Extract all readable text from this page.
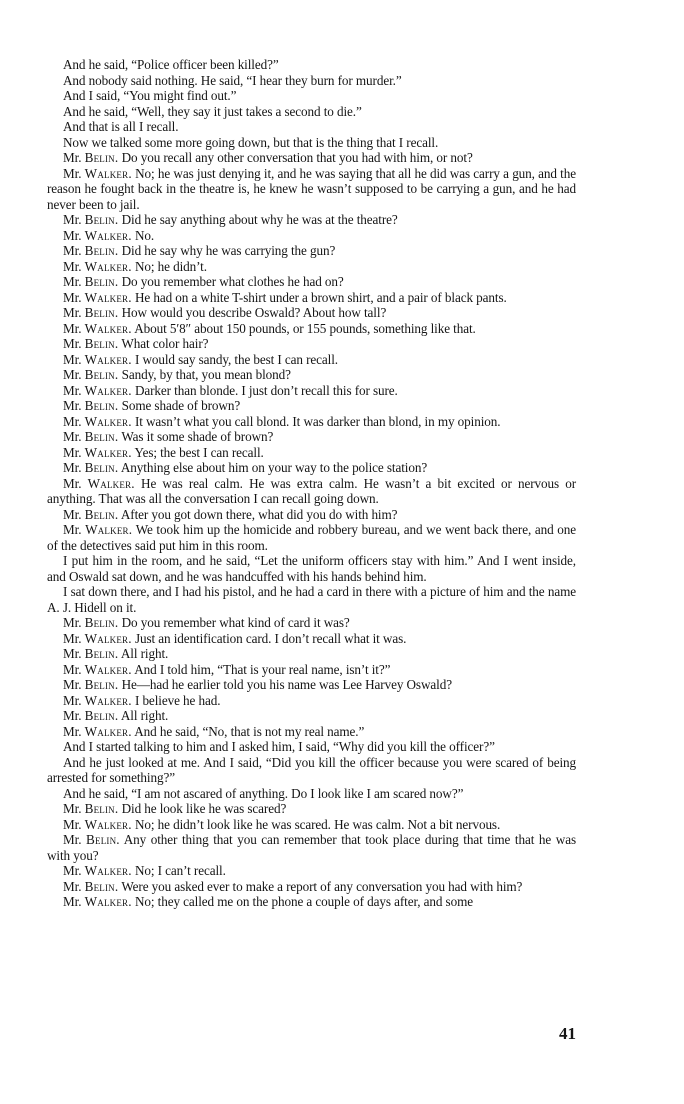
And he said, “Police officer been killed?”

And nobody said nothing. He said, “I hear they burn for murder.”

And I said, “You might find out.”

And he said, “Well, they say it just takes a second to die.”

And that is all I recall.

Now we talked some more going down, but that is the thing that I recall.

Mr. Belin. Do you recall any other conversation that you had with him, or not?

Mr. Walker. No; he was just denying it, and he was saying that all he did was carry a gun, and the reason he fought back in the theatre is, he knew he wasn’t supposed to be carrying a gun, and he had never been to jail.

Mr. Belin. Did he say anything about why he was at the theatre?

Mr. Walker. No.

Mr. Belin. Did he say why he was carrying the gun?

Mr. Walker. No; he didn’t.

Mr. Belin. Do you remember what clothes he had on?

Mr. Walker. He had on a white T-shirt under a brown shirt, and a pair of black pants.

Mr. Belin. How would you describe Oswald? About how tall?

Mr. Walker. About 5′8″ about 150 pounds, or 155 pounds, something like that.

Mr. Belin. What color hair?

Mr. Walker. I would say sandy, the best I can recall.

Mr. Belin. Sandy, by that, you mean blond?

Mr. Walker. Darker than blonde. I just don’t recall this for sure.

Mr. Belin. Some shade of brown?

Mr. Walker. It wasn’t what you call blond. It was darker than blond, in my opinion.

Mr. Belin. Was it some shade of brown?

Mr. Walker. Yes; the best I can recall.

Mr. Belin. Anything else about him on your way to the police station?

Mr. Walker. He was real calm. He was extra calm. He wasn’t a bit excited or nervous or anything. That was all the conversation I can recall going down.

Mr. Belin. After you got down there, what did you do with him?

Mr. Walker. We took him up the homicide and robbery bureau, and we went back there, and one of the detectives said put him in this room.

I put him in the room, and he said, “Let the uniform officers stay with him.” And I went inside, and Oswald sat down, and he was handcuffed with his hands behind him.

I sat down there, and I had his pistol, and he had a card in there with a picture of him and the name A. J. Hidell on it.

Mr. Belin. Do you remember what kind of card it was?

Mr. Walker. Just an identification card. I don’t recall what it was.

Mr. Belin. All right.

Mr. Walker. And I told him, “That is your real name, isn’t it?”

Mr. Belin. He—had he earlier told you his name was Lee Harvey Oswald?

Mr. Walker. I believe he had.

Mr. Belin. All right.

Mr. Walker. And he said, “No, that is not my real name.”

And I started talking to him and I asked him, I said, “Why did you kill the officer?”

And he just looked at me. And I said, “Did you kill the officer because you were scared of being arrested for something?”

And he said, “I am not ascared of anything. Do I look like I am scared now?”

Mr. Belin. Did he look like he was scared?

Mr. Walker. No; he didn’t look like he was scared. He was calm. Not a bit nervous.

Mr. Belin. Any other thing that you can remember that took place during that time that he was with you?

Mr. Walker. No; I can’t recall.

Mr. Belin. Were you asked ever to make a report of any conversation you had with him?

Mr. Walker. No; they called me on the phone a couple of days after, and some

41
